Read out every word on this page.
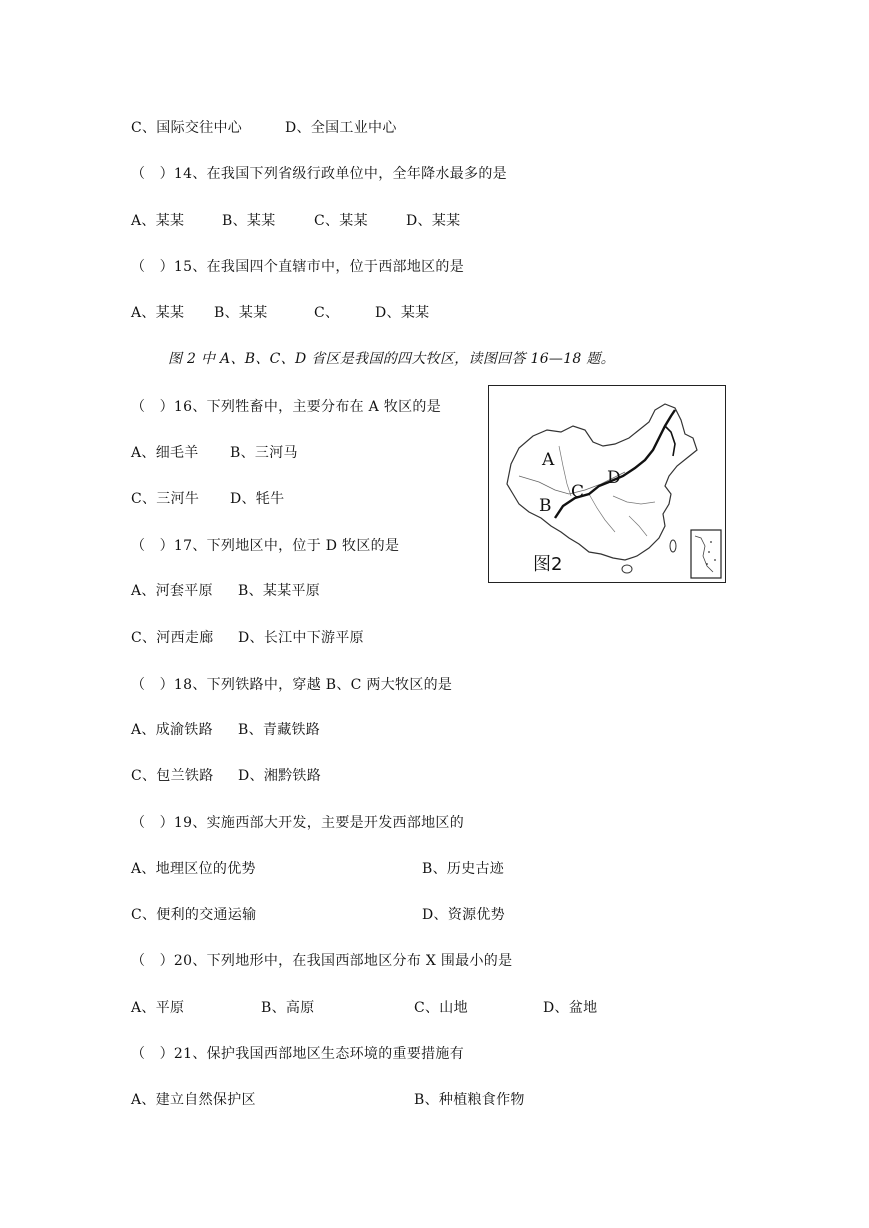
C、国际交往中心	D、全国工业中心
（　）14、在我国下列省级行政单位中，全年降水最多的是
A、某某	B、某某	C、某某	D、某某
（　）15、在我国四个直辖市中，位于西部地区的是
A、某某 B、某某	C、	D、某某
图 2 中 A、B、C、D 省区是我国的四大牧区，读图回答 16—18 题。
（　）16、下列牲畜中，主要分布在 A 牧区的是
A、细毛羊 B、三河马
C、三河牛 D、牦牛
（　）17、下列地区中，位于 D 牧区的是
A、河套平原 B、某某平原
C、河西走廊 D、长江中下游平原
（　）18、下列铁路中，穿越 B、C 两大牧区的是
A、成渝铁路 B、青藏铁路
C、包兰铁路 D、湘黔铁路
（　）19、实施西部大开发，主要是开发西部地区的
A、地理区位的优势	B、历史古迹
C、便利的交通运输	D、资源优势
（　）20、下列地形中，在我国西部地区分布 X 围最小的是
A、平原	B、高原	C、山地	D、盆地
（　）21、保护我国西部地区生态环境的重要措施有
A、建立自然保护区	B、种植粮食作物
A
B
C
D
图2
